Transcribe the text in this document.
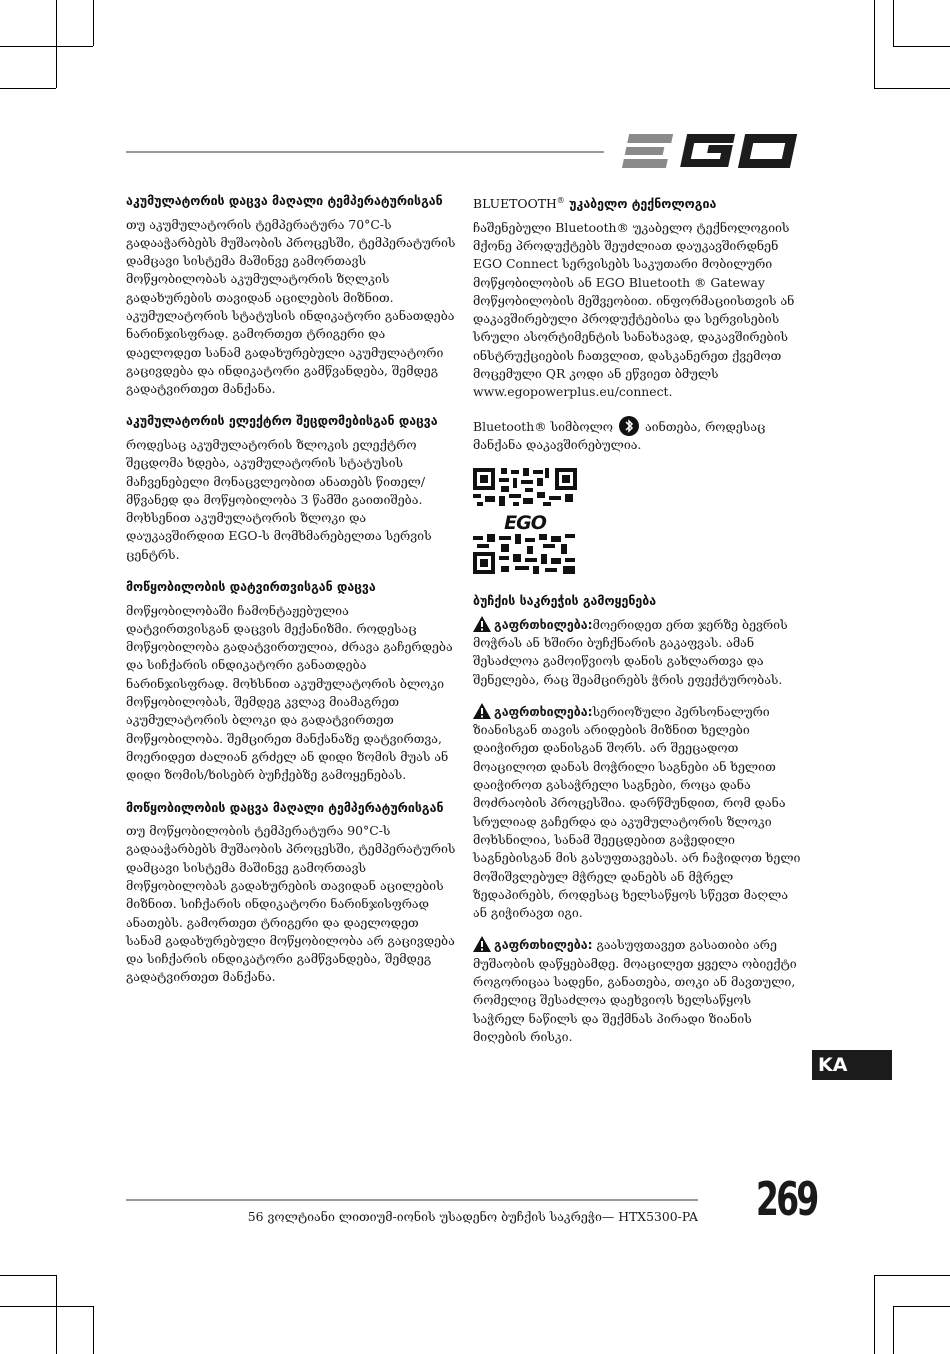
აკუმულატორის დაცვა მაღალი ტემპერატურისგან

თუ აკუმულატორის ტემპერატურა 70°C-ს გადააჭარბებს მუშაობის პროცესში, ტემპერატურის დამცავი სისტემა მაშინვე გამორთავს მოწყობილობას აკუმულატორის ზღლკის გადახურების თავიდან აცილების მიზნით. აკუმულატორის სტატუსის ინდიკატორი განათდება ნარინჯისფრად. გამორთეთ ტრიგერი და დაელოდეთ სანამ გადახურებული აკუმულატორი გაცივდება და ინდიკატორი გამწვანდება, შემდეგ გადატვირთეთ მანქანა.

აკუმულატორის ელექტრო შეცდომებისგან დაცვა

როდესაც აკუმულატორის ზლოკის ელექტრო შეცდომა ხდება, აკუმულატორის სტატუსის მაჩვენებელი მონაცვლეობით ანათებს წითელ/მწვანედ და მოწყობილობა 3 წამში გაითიშება. მოხსენით აკუმულატორის ზლოკი და დაუკავშირდით EGO-ს მომხმარებელთა სერვის ცენტრს.

მოწყობილობის დატვირთვისგან დაცვა

მოწყობილობაში ჩამონტაჟებულია დატვირთვისგან დაცვის მექანიზმი. როდესაც მოწყობილობა გადატვირთულია, ძრავა გაჩერდება და სიჩქარის ინდიკატორი განათდება ნარინჯისფრად. მოხსნით აკუმულატორის ბლოკი მოწყობილობას, შემდეგ კვლავ მიამაგრეთ აკუმულატორის ბლოკი და გადატვირთეთ მოწყობილობა. შემცირეთ მანქანაზე დატვირთვა, მოერიდეთ ძალიან გრძელ ან დიდი ზომის მუას ან დიდი ზომის/ხისებრ ბუჩქებზე გამოყენებას.

მოწყობილობის დაცვა მაღალი ტემპერატურისგან

თუ მოწყობილობის ტემპერატურა 90°C-ს გადააჭარბებს მუშაობის პროცესში, ტემპერატურის დამცავი სისტემა მაშინვე გამორთავს მოწყობილობას გადახურების თავიდან აცილების მიზნით. სიჩქარის ინდიკატორი ნარინჯისფრად ანათებს. გამორთეთ ტრიგერი და დაელოდეთ სანამ გადახურებული მოწყობილობა არ გაცივდება და სიჩქარის ინდიკატორი გამწვანდება, შემდეგ გადატვირთეთ მანქანა.

BLUETOOTH® უკაბელო ტექნოლოგია

ჩაშენებული Bluetooth® უკაბელო ტექნოლოგიის მქონე პროდუქტებს შეუძლიათ დაუკავშირდნენ EGO Connect სერვისებს საკუთარი მობილური მოწყობილობის ან EGO Bluetooth ® Gateway მოწყობილობის მეშვეობით. ინფორმაციისთვის ან დაკავშირებული პროდუქტებისა და სერვისების სრული ასორტიმენტის სანახავად, დაკავშირების ინსტრუქციების ჩათვლით, დასკანერეთ ქვემოთ მოცემული QR კოდი ან ეწვიეთ ბმულს www.egopowerplus.eu/connect.

Bluetooth® სიმბოლო	აინთება, როდესაც მანქანა დაკავშირებულია.

EGO
ბუჩქის საკრეჭის გამოყენება

გაფრთხილება:მოერიდეთ ერთ ჯერზე ბევრის მოჭრას ან ხშირი ბუჩქნარის გაკაფვას. ამან შესაძლოა გამოიწვიოს დანის გახლართვა და შენელება, რაც შეამცირებს ჭრის ეფექტურობას.

გაფრთხილება:სერიოზული პერსონალური ზიანისგან თავის არიდების მიზნით ხელები დაიჭირეთ დანისგან შორს. არ შეეცადოთ მოაცილოთ დანას მოჭრილი საგნები ან ხელით დაიჭიროთ გასაჭრელი საგნები, როცა დანა მოძრაობის პროცესშია. დარწმუნდით, რომ დანა სრულიად გაჩერდა და აკუმულატორის ზლოკი მოხსნილია, სანამ შეეცდებით გაჭედილი საგნებისგან მის გასუფთავებას. არ ჩაჭიდოთ ხელი მოშიშვლებულ მჭრელ დანებს ან მჭრელ ზედაპირებს, როდესაც ხელსაწყოს სწევთ მაღლა ან გიჭირავთ იგი.

გაფრთხილება: გაასუფთავეთ გასათიბი არე მუშაობის დაწყებამდე. მოაცილეთ ყველა ობიექტი როგორიცაა სადენი, განათება, თოკი ან მავთული, რომელიც შესაძლოა დაეხვიოს ხელსაწყოს საჭრელ ნაწილს და შექმნას პირადი ზიანის მიღების რისკი.

KA
56 ვოლტიანი ლითიუმ-იონის უსადენო ბუჩქის საკრეჭი— HTX5300-PA 269
